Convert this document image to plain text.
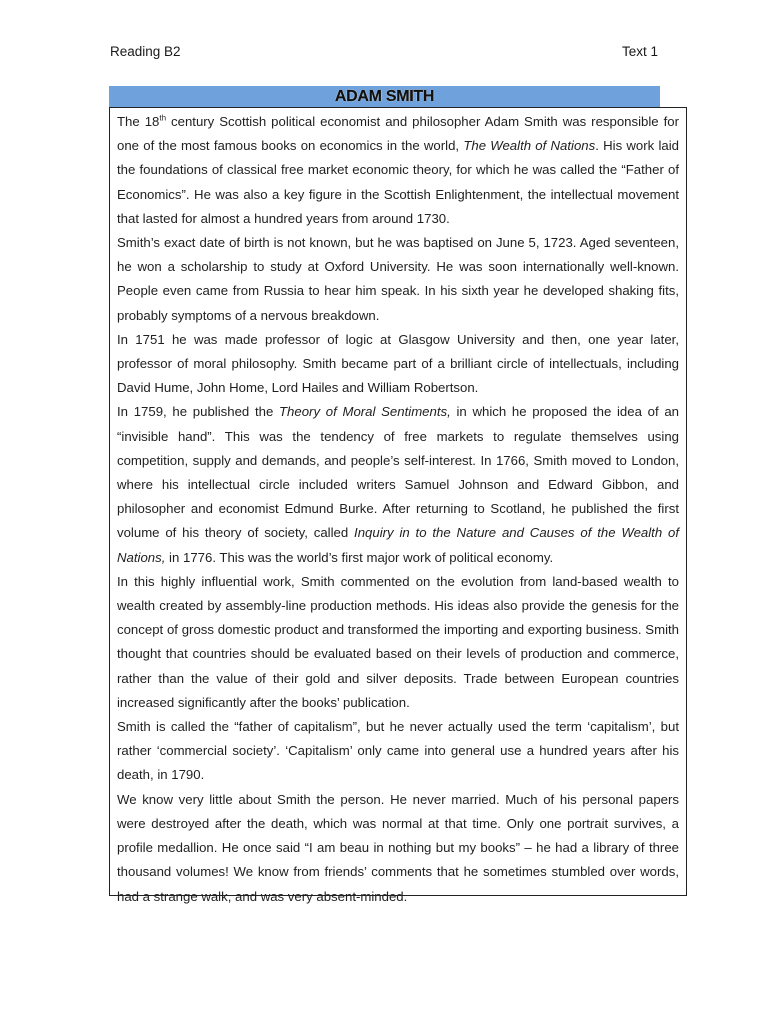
Reading B2	Text 1
ADAM SMITH

The 18th century Scottish political economist and philosopher Adam Smith was responsible for one of the most famous books on economics in the world, The Wealth of Nations. His work laid the foundations of classical free market economic theory, for which he was called the “Father of Economics”. He was also a key figure in the Scottish Enlightenment, the intellectual movement that lasted for almost a hundred years from around 1730.

Smith’s exact date of birth is not known, but he was baptised on June 5, 1723. Aged seventeen, he won a scholarship to study at Oxford University. He was soon internationally well-known. People even came from Russia to hear him speak. In his sixth year he developed shaking fits, probably symptoms of a nervous breakdown.

In 1751 he was made professor of logic at Glasgow University and then, one year later, professor of moral philosophy. Smith became part of a brilliant circle of intellectuals, including David Hume, John Home, Lord Hailes and William Robertson.

In 1759, he published the Theory of Moral Sentiments, in which he proposed the idea of an “invisible hand”. This was the tendency of free markets to regulate themselves using competition, supply and demands, and people’s self-interest. In 1766, Smith moved to London, where his intellectual circle included writers Samuel Johnson and Edward Gibbon, and philosopher and economist Edmund Burke. After returning to Scotland, he published the first volume of his theory of society, called Inquiry in to the Nature and Causes of the Wealth of Nations, in 1776. This was the world’s first major work of political economy.

In this highly influential work, Smith commented on the evolution from land-based wealth to wealth created by assembly-line production methods. His ideas also provide the genesis for the concept of gross domestic product and transformed the importing and exporting business. Smith thought that countries should be evaluated based on their levels of production and commerce, rather than the value of their gold and silver deposits. Trade between European countries increased significantly after the books’ publication.

Smith is called the “father of capitalism”, but he never actually used the term ‘capitalism’, but rather ‘commercial society’. ‘Capitalism’ only came into general use a hundred years after his death, in 1790.

We know very little about Smith the person. He never married. Much of his personal papers were destroyed after the death, which was normal at that time. Only one portrait survives, a profile medallion. He once said “I am beau in nothing but my books” – he had a library of three thousand volumes! We know from friends’ comments that he sometimes stumbled over words, had a strange walk, and was very absent-minded.
